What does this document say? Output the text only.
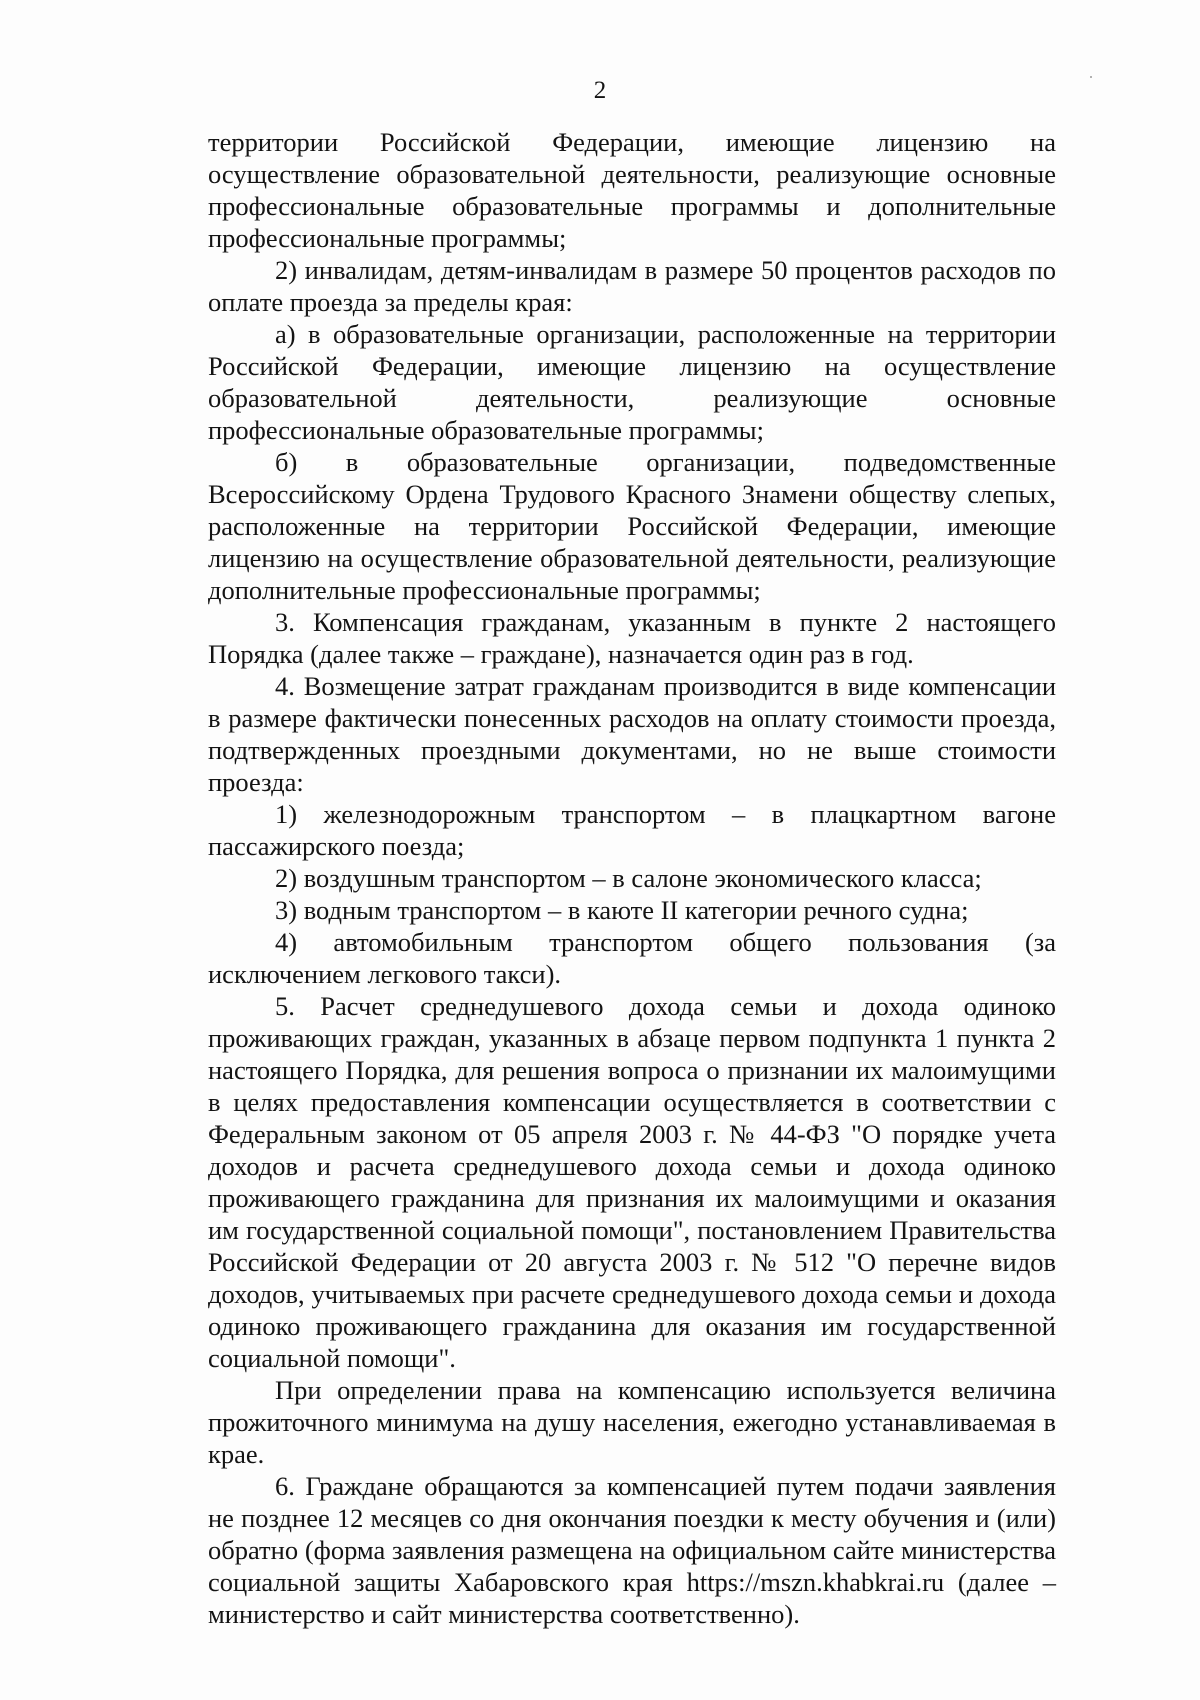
2

территории Российской Федерации, имеющие лицензию на осуществление образовательной деятельности, реализующие основные профессиональные образовательные программы и дополнительные профессиональные программы;

2) инвалидам, детям-инвалидам в размере 50 процентов расходов по оплате проезда за пределы края:

а) в образовательные организации, расположенные на территории Российской Федерации, имеющие лицензию на осуществление образовательной деятельности, реализующие основные профессиональные образовательные программы;

б) в образовательные организации, подведомственные Всероссийскому Ордена Трудового Красного Знамени обществу слепых, расположенные на территории Российской Федерации, имеющие лицензию на осуществление образовательной деятельности, реализующие дополнительные профессиональные программы;

3. Компенсация гражданам, указанным в пункте 2 настоящего Порядка (далее также – граждане), назначается один раз в год.

4. Возмещение затрат гражданам производится в виде компенсации в размере фактически понесенных расходов на оплату стоимости проезда, подтвержденных проездными документами, но не выше стоимости проезда:

1) железнодорожным транспортом – в плацкартном вагоне пассажирского поезда;

2) воздушным транспортом – в салоне экономического класса;

3) водным транспортом – в каюте II категории речного судна;

4) автомобильным транспортом общего пользования (за исключением легкового такси).

5. Расчет среднедушевого дохода семьи и дохода одиноко проживающих граждан, указанных в абзаце первом подпункта 1 пункта 2 настоящего Порядка, для решения вопроса о признании их малоимущими в целях предоставления компенсации осуществляется в соответствии с Федеральным законом от 05 апреля 2003 г. № 44-ФЗ "О порядке учета доходов и расчета среднедушевого дохода семьи и дохода одиноко проживающего гражданина для признания их малоимущими и оказания им государственной социальной помощи", постановлением Правительства Российской Федерации от 20 августа 2003 г. № 512 "О перечне видов доходов, учитываемых при расчете среднедушевого дохода семьи и дохода одиноко проживающего гражданина для оказания им государственной социальной помощи".

При определении права на компенсацию используется величина прожиточного минимума на душу населения, ежегодно устанавливаемая в крае.

6. Граждане обращаются за компенсацией путем подачи заявления не позднее 12 месяцев со дня окончания поездки к месту обучения и (или) обратно (форма заявления размещена на официальном сайте министерства социальной защиты Хабаровского края https://mszn.khabkrai.ru (далее – министерство и сайт министерства соответственно).
